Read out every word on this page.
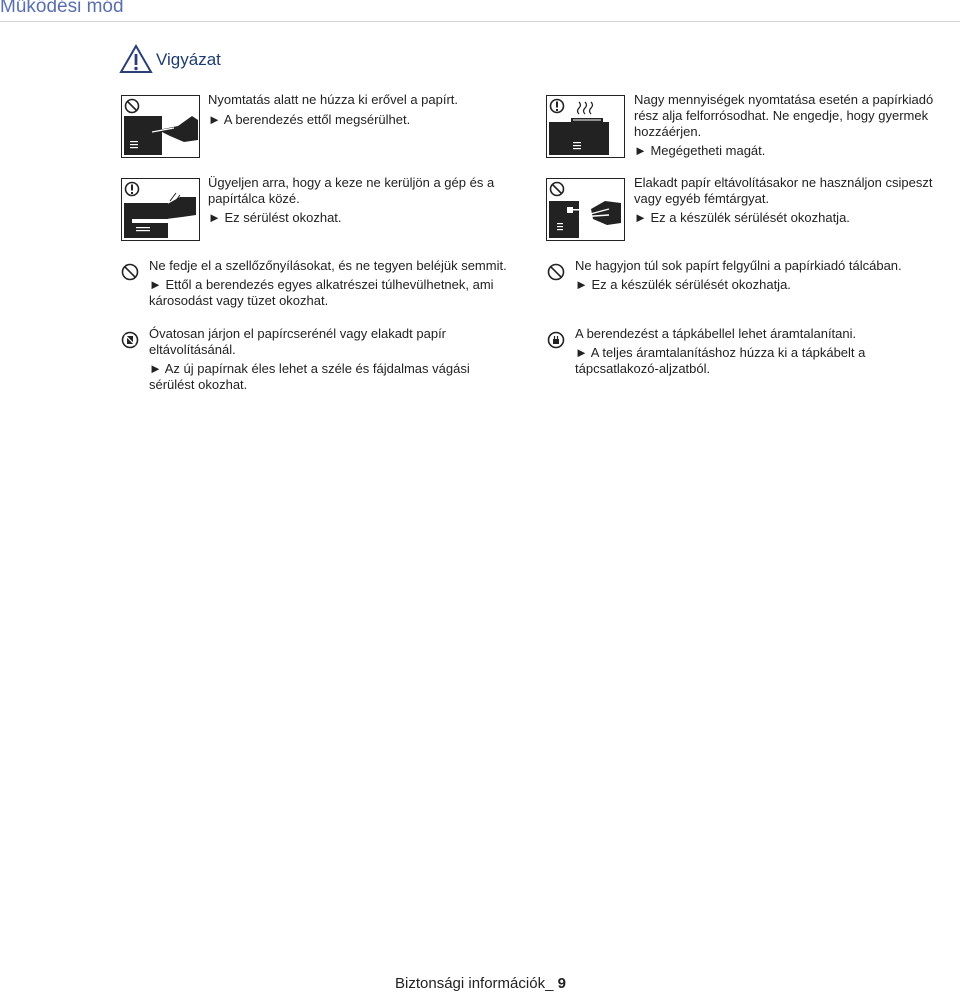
Működési mód
Vigyázat

Nyomtatás alatt ne húzza ki erővel a papírt.

► A berendezés ettől megsérülhet.

Nagy mennyiségek nyomtatása esetén a papírkiadó

rész alja felforrósodhat. Ne engedje, hogy gyermek

hozzáérjen.

► Megégetheti magát.

Ügyeljen arra, hogy a keze ne kerüljön a gép és a

papírtálca közé.

► Ez sérülést okozhat.

Elakadt papír eltávolításakor ne használjon csipeszt

vagy egyéb fémtárgyat.

► Ez a készülék sérülését okozhatja.

Ne fedje el a szellőzőnyílásokat, és ne tegyen beléjük semmit.

► Ettől a berendezés egyes alkatrészei túlhevülhetnek, ami

károsodást vagy tüzet okozhat.

Ne hagyjon túl sok papírt felgyűlni a papírkiadó tálcában.

► Ez a készülék sérülését okozhatja.

Óvatosan járjon el papírcserénél vagy elakadt papír

eltávolításánál.

► Az új papírnak éles lehet a széle és fájdalmas vágási

sérülést okozhat.

A berendezést a tápkábellel lehet áramtalanítani.

► A teljes áramtalanításhoz húzza ki a tápkábelt a

tápcsatlakozó-aljzatból.

Biztonsági információk_ 9
